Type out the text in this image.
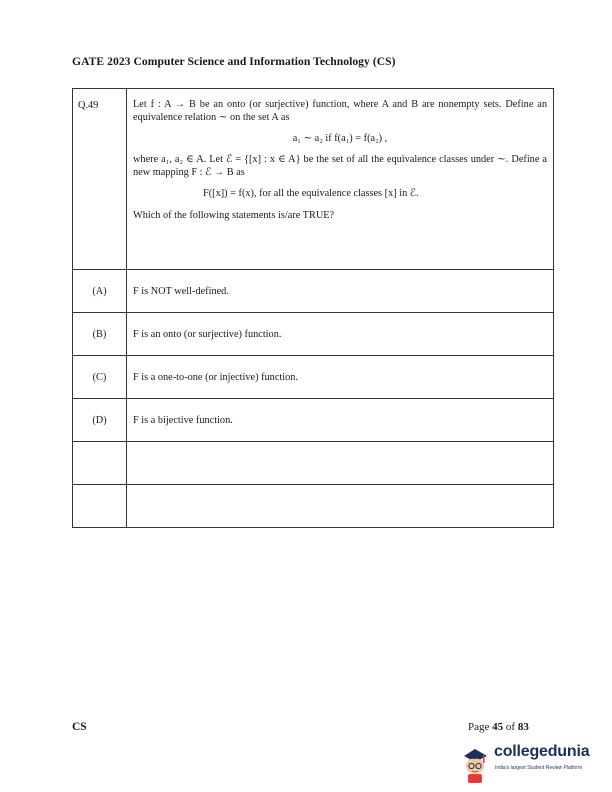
GATE 2023 Computer Science and Information Technology (CS)
Q.49	Let f : A → B be an onto (or surjective) function, where A and B are nonempty sets. Define an equivalence relation ∼ on the set A as

a₁ ∼ a₂ if f(a₁) = f(a₂) ,

where a₁, a₂ ∈ A. Let ℰ = {[x] : x ∈ A} be the set of all the equivalence classes under ∼. Define a new mapping F : ℰ → B as

F([x]) = f(x), for all the equivalence classes [x] in ℰ.

Which of the following statements is/are TRUE?

(A)	F is NOT well-defined.
(B)	F is an onto (or surjective) function.
(C)	F is a one-to-one (or injective) function.
(D)	F is a bijective function.

CS	Page 45 of 83
collegedunia
India's largest Student Review Platform
